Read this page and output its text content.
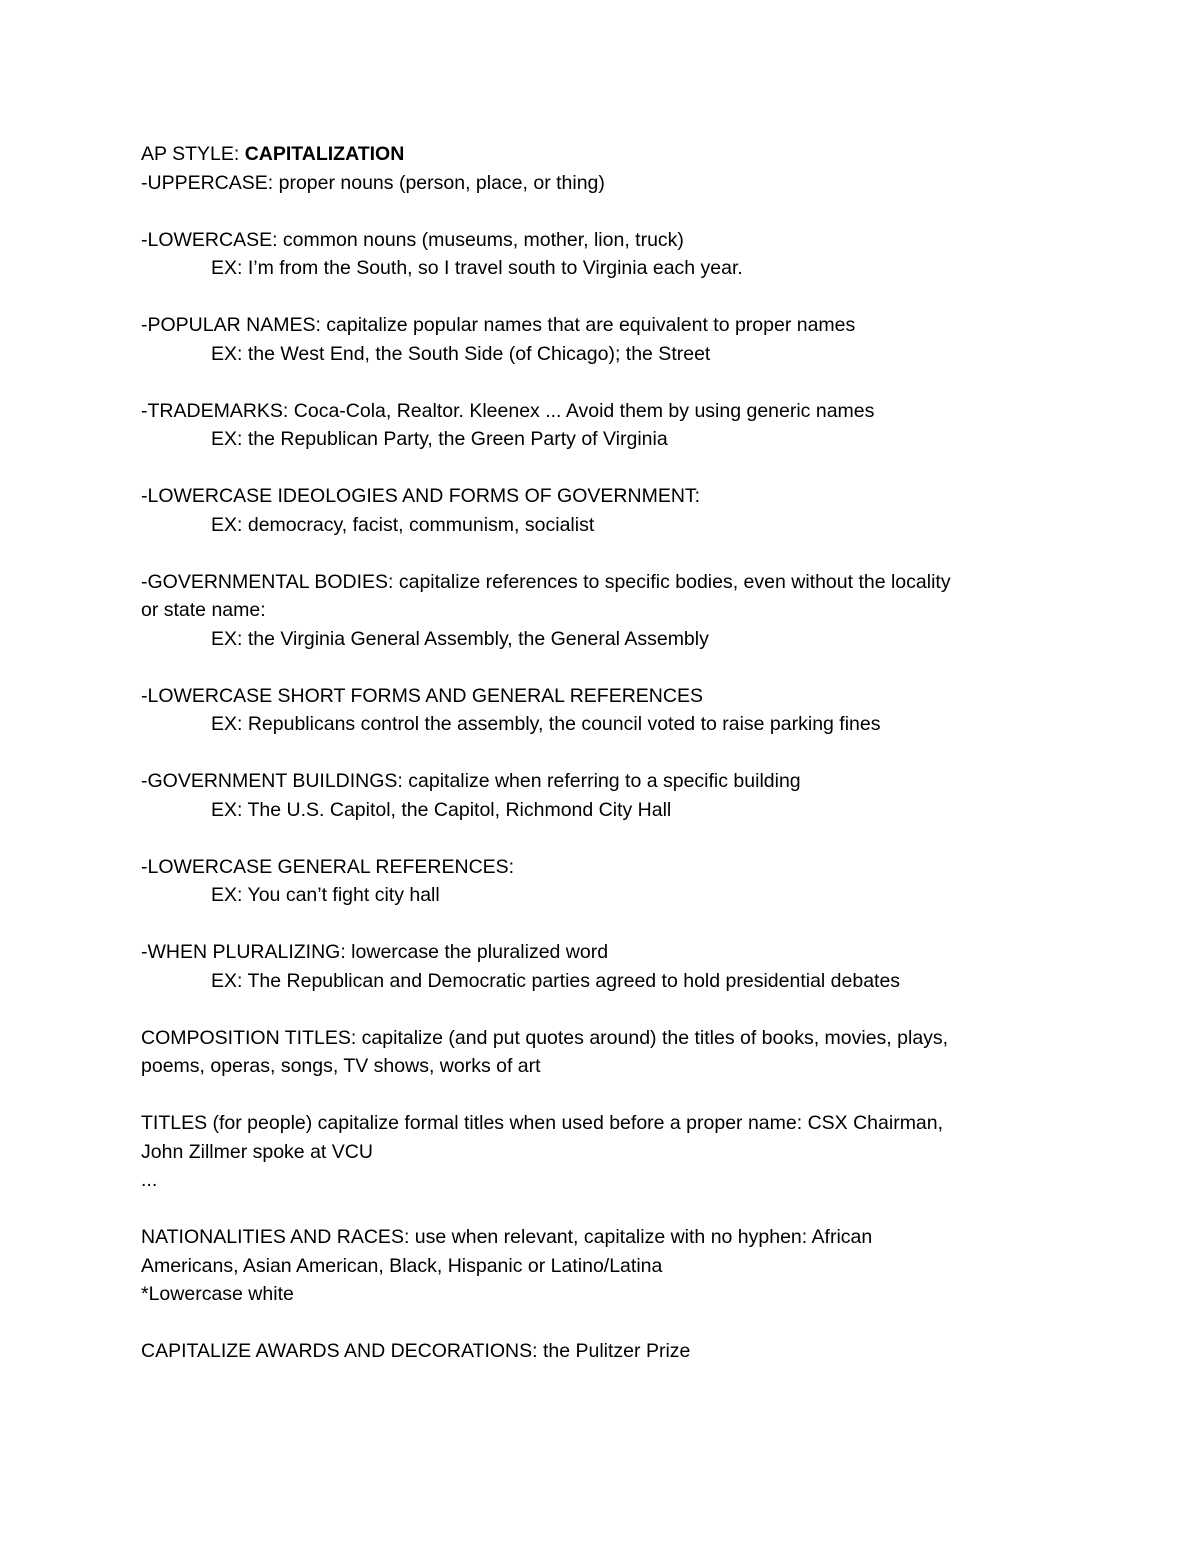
AP STYLE: CAPITALIZATION

-UPPERCASE: proper nouns (person, place, or thing)

-LOWERCASE: common nouns (museums, mother, lion, truck)

EX: I’m from the South, so I travel south to Virginia each year.

-POPULAR NAMES: capitalize popular names that are equivalent to proper names

EX: the West End, the South Side (of Chicago); the Street

-TRADEMARKS: Coca-Cola, Realtor. Kleenex ... Avoid them by using generic names

EX: the Republican Party, the Green Party of Virginia

-LOWERCASE IDEOLOGIES AND FORMS OF GOVERNMENT:

EX: democracy, facist, communism, socialist

-GOVERNMENTAL BODIES: capitalize references to specific bodies, even without the locality

or state name:

EX: the Virginia General Assembly, the General Assembly

-LOWERCASE SHORT FORMS AND GENERAL REFERENCES

EX: Republicans control the assembly, the council voted to raise parking fines

-GOVERNMENT BUILDINGS: capitalize when referring to a specific building

EX: The U.S. Capitol, the Capitol, Richmond City Hall

-LOWERCASE GENERAL REFERENCES:

EX: You can’t fight city hall

-WHEN PLURALIZING: lowercase the pluralized word

EX: The Republican and Democratic parties agreed to hold presidential debates

COMPOSITION TITLES: capitalize (and put quotes around) the titles of books, movies, plays,

poems, operas, songs, TV shows, works of art

TITLES (for people) capitalize formal titles when used before a proper name: CSX Chairman,

John Zillmer spoke at VCU

...

NATIONALITIES AND RACES: use when relevant, capitalize with no hyphen: African

Americans, Asian American, Black, Hispanic or Latino/Latina

*Lowercase white

CAPITALIZE AWARDS AND DECORATIONS: the Pulitzer Prize
